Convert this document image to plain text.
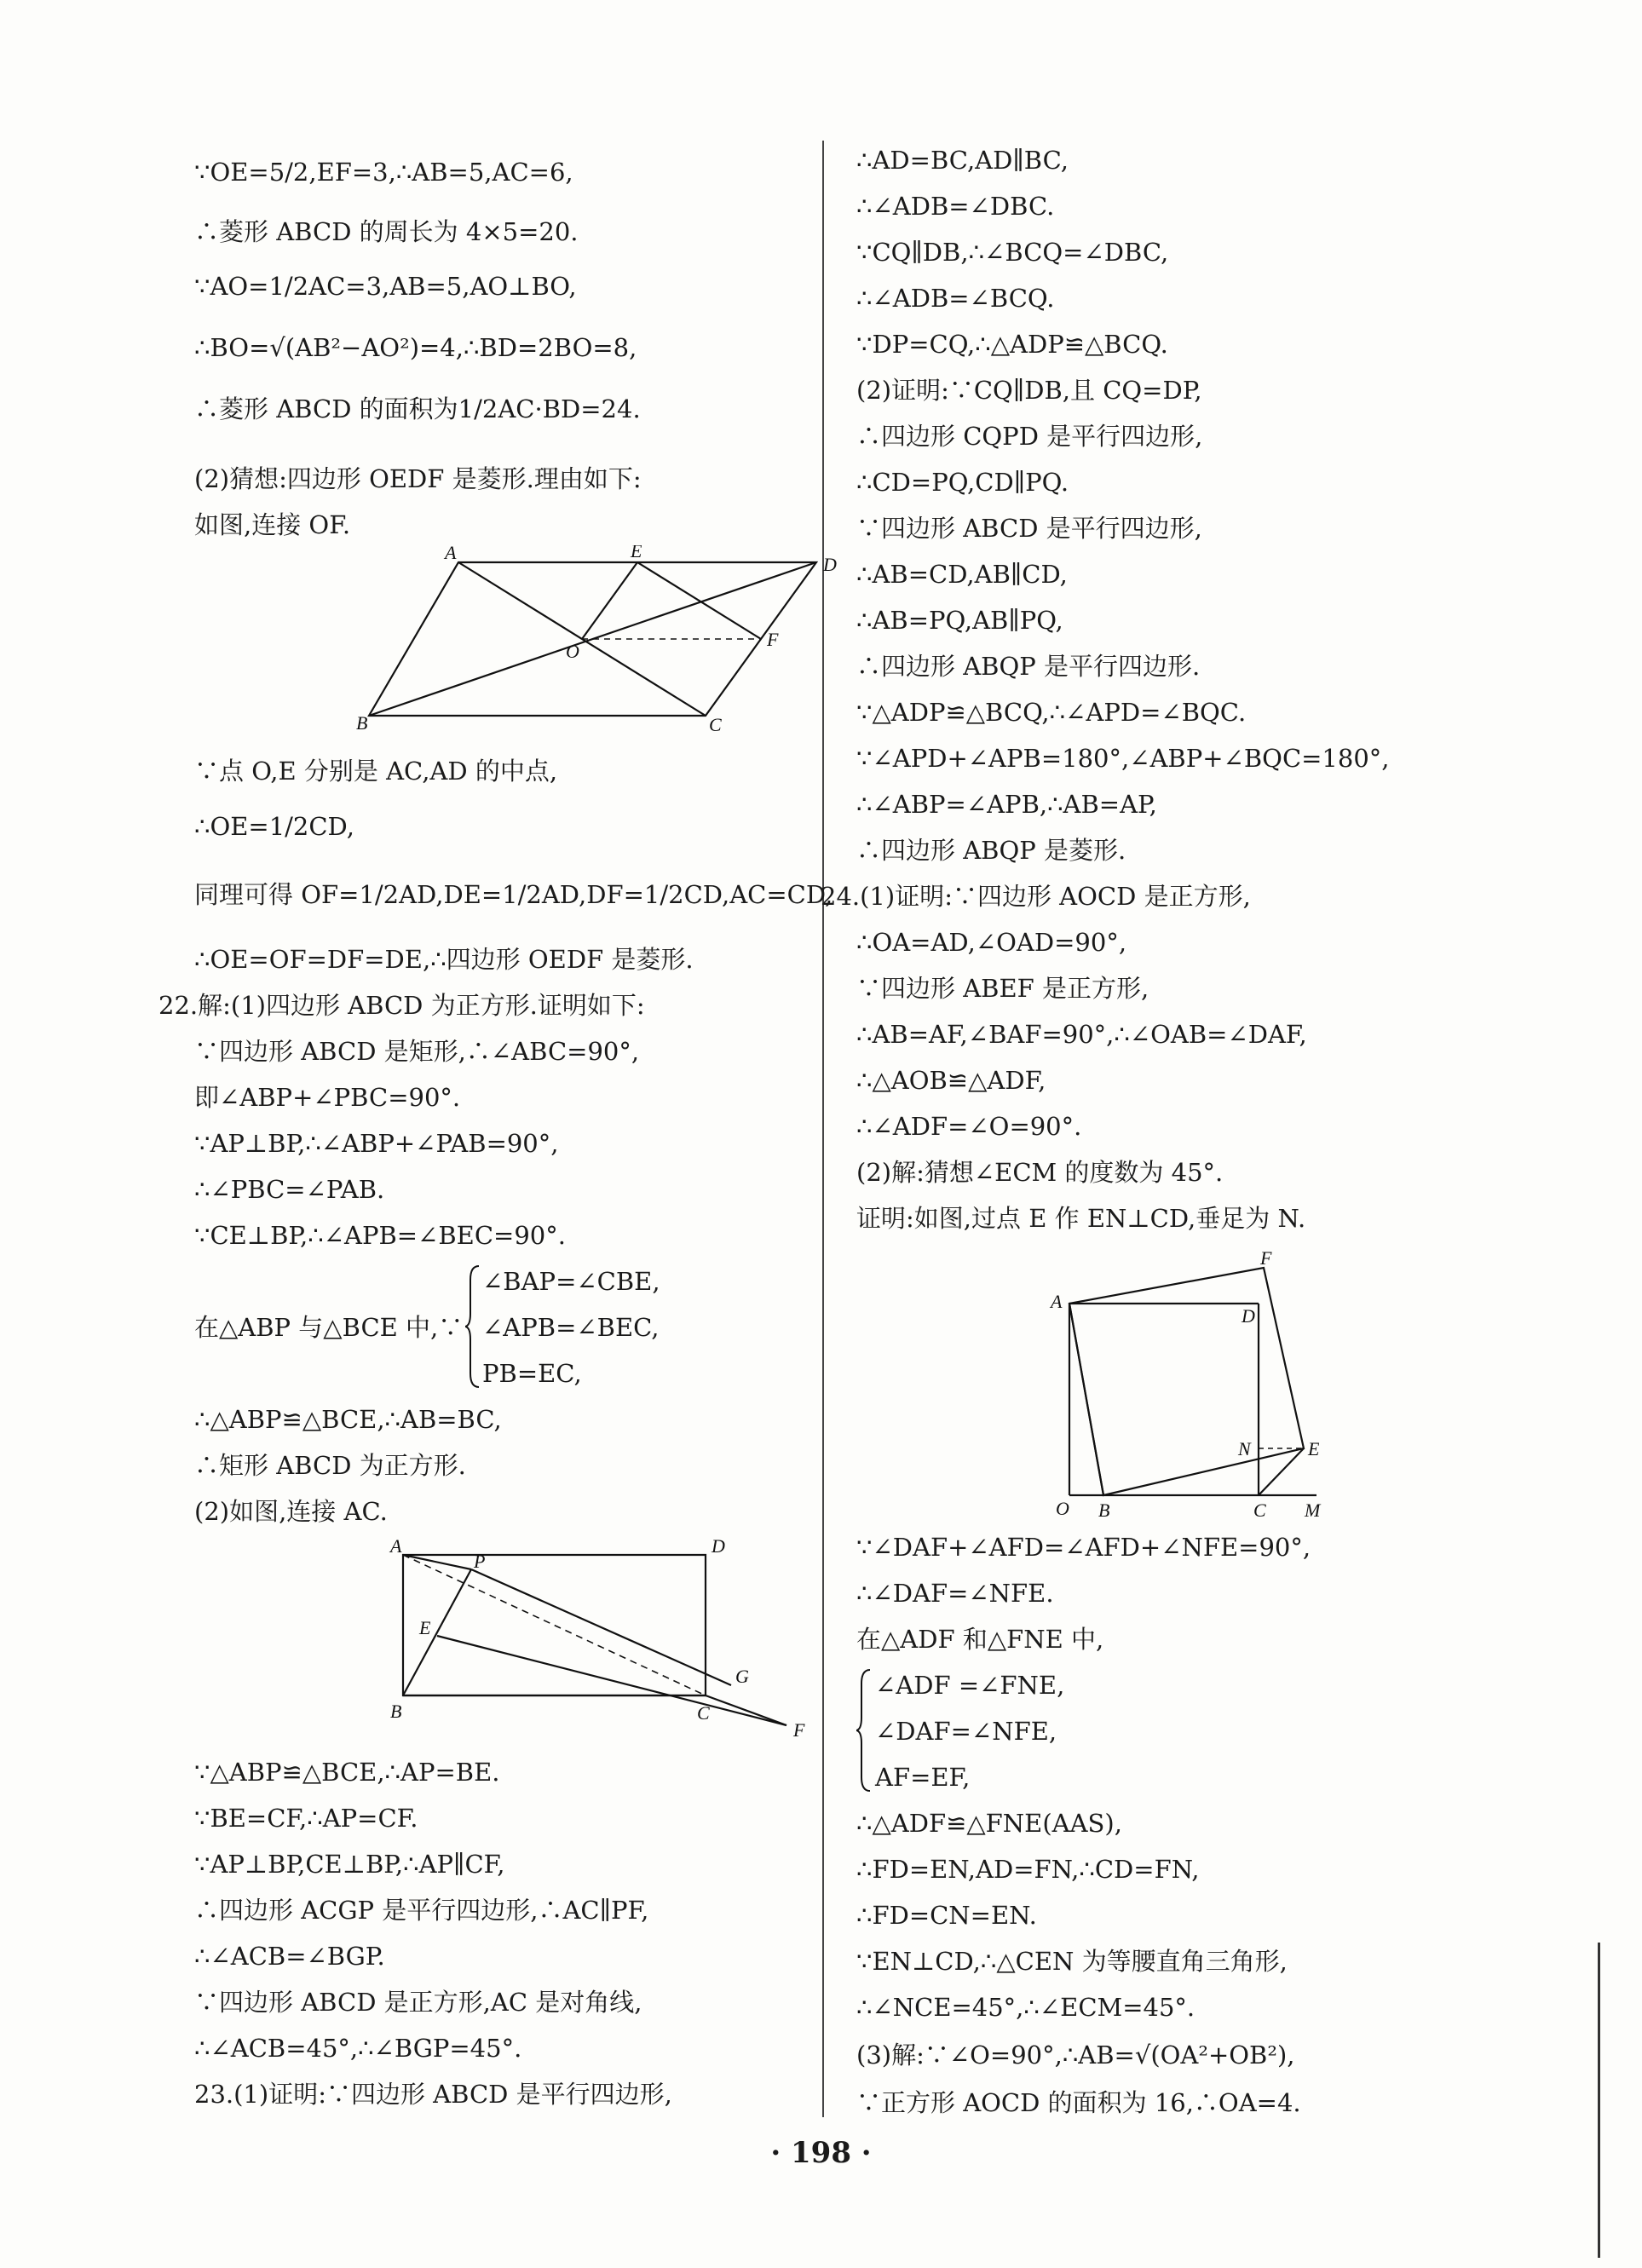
∵OE=5/2,EF=3,∴AB=5,AC=6,
∴菱形 ABCD 的周长为 4×5=20.
∵AO=1/2AC=3,AB=5,AO⊥BO,
∴BO=√(AB²−AO²)=4,∴BD=2BO=8,
∴菱形 ABCD 的面积为1/2AC·BD=24.
(2)猜想:四边形 OEDF 是菱形.理由如下:
如图,连接 OF.
A	E
D
O
F
B	C
∵点 O,E 分别是 AC,AD 的中点,
∴OE=1/2CD,
同理可得 OF=1/2AD,DE=1/2AD,DF=1/2CD,AC=CD,
∴OE=OF=DF=DE,∴四边形 OEDF 是菱形.
22.解:(1)四边形 ABCD 为正方形.证明如下:
∵四边形 ABCD 是矩形,∴∠ABC=90°,
即∠ABP+∠PBC=90°.
∵AP⊥BP,∴∠ABP+∠PAB=90°,
∴∠PBC=∠PAB.
∵CE⊥BP,∴∠APB=∠BEC=90°.
在△ABP 与△BCE 中,∵
∠BAP=∠CBE,
∠APB=∠BEC,
PB=EC,
∴△ABP≌△BCE,∴AB=BC,
∴矩形 ABCD 为正方形.
(2)如图,连接 AC.
A	D
P
E
G
B	C
F
∵△ABP≌△BCE,∴AP=BE.
∵BE=CF,∴AP=CF.
∵AP⊥BP,CE⊥BP,∴AP∥CF,
∴四边形 ACGP 是平行四边形,∴AC∥PF,
∴∠ACB=∠BGP.
∵四边形 ABCD 是正方形,AC 是对角线,
∴∠ACB=45°,∴∠BGP=45°.
23.(1)证明:∵四边形 ABCD 是平行四边形,
∴AD=BC,AD∥BC,
∴∠ADB=∠DBC.
∵CQ∥DB,∴∠BCQ=∠DBC,
∴∠ADB=∠BCQ.
∵DP=CQ,∴△ADP≌△BCQ.
(2)证明:∵CQ∥DB,且 CQ=DP,
∴四边形 CQPD 是平行四边形,
∴CD=PQ,CD∥PQ.
∵四边形 ABCD 是平行四边形,
∴AB=CD,AB∥CD,
∴AB=PQ,AB∥PQ,
∴四边形 ABQP 是平行四边形.
∵△ADP≌△BCQ,∴∠APD=∠BQC.
∵∠APD+∠APB=180°,∠ABP+∠BQC=180°,
∴∠ABP=∠APB,∴AB=AP,
∴四边形 ABQP 是菱形.
24.(1)证明:∵四边形 AOCD 是正方形,
∴OA=AD,∠OAD=90°,
∵四边形 ABEF 是正方形,
∴AB=AF,∠BAF=90°,∴∠OAB=∠DAF,
∴△AOB≌△ADF,
∴∠ADF=∠O=90°.
(2)解:猜想∠ECM 的度数为 45°.
证明:如图,过点 E 作 EN⊥CD,垂足为 N.
F
A
D
N	E
O B	C M
∵∠DAF+∠AFD=∠AFD+∠NFE=90°,
∴∠DAF=∠NFE.
在△ADF 和△FNE 中,
∠ADF =∠FNE,
∠DAF=∠NFE,
AF=EF,
∴△ADF≌△FNE(AAS),
∴FD=EN,AD=FN,∴CD=FN,
∴FD=CN=EN.
∵EN⊥CD,∴△CEN 为等腰直角三角形,
∴∠NCE=45°,∴∠ECM=45°.
(3)解:∵∠O=90°,∴AB=√(OA²+OB²),
∵正方形 AOCD 的面积为 16,∴OA=4.
· 198 ·
